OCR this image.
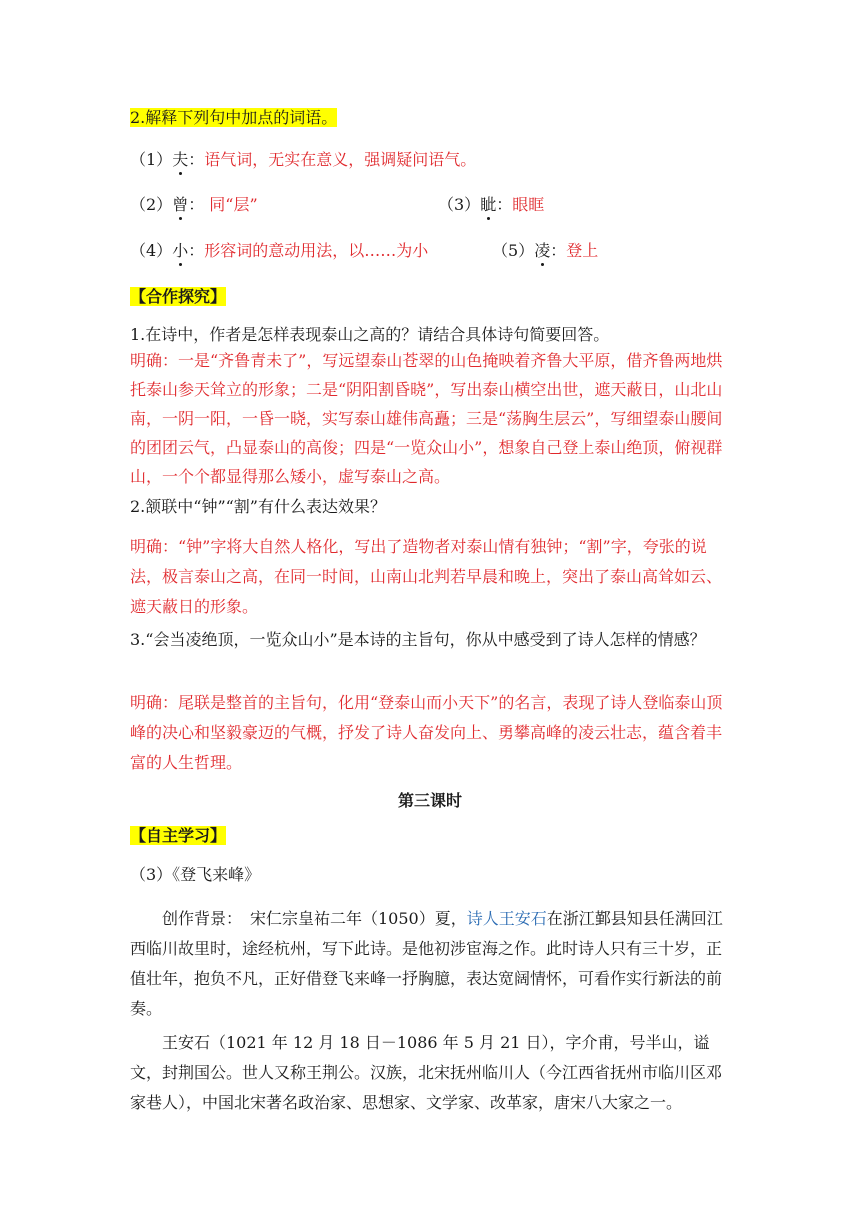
2.解释下列句中加点的词语。
（1）夫：语气词，无实在意义，强调疑问语气。
（2）曾： 同“层”	（3）眦：眼眶
（4）小：形容词的意动用法，以……为小	（5）凌：登上
【合作探究】
1.在诗中，作者是怎样表现泰山之高的？请结合具体诗句简要回答。
明确：一是“齐鲁青未了”，写远望泰山苍翠的山色掩映着齐鲁大平原，借齐鲁两地烘托泰山参天耸立的形象；二是“阴阳割昏晓”，写出泰山横空出世，遮天蔽日，山北山南，一阴一阳，一昏一晓，实写泰山雄伟高矗；三是“荡胸生层云”，写细望泰山腰间的团团云气，凸显泰山的高俊；四是“一览众山小”，想象自己登上泰山绝顶，俯视群山，一个个都显得那么矮小，虚写泰山之高。
2.颔联中“钟”“割”有什么表达效果？
明确：“钟”字将大自然人格化，写出了造物者对泰山情有独钟；“割”字，夸张的说法，极言泰山之高，在同一时间，山南山北判若早晨和晚上，突出了泰山高耸如云、遮天蔽日的形象。
3.“会当凌绝顶，一览众山小”是本诗的主旨句，你从中感受到了诗人怎样的情感？
明确：尾联是整首的主旨句，化用“登泰山而小天下”的名言，表现了诗人登临泰山顶峰的决心和坚毅豪迈的气概，抒发了诗人奋发向上、勇攀高峰的凌云壮志，蕴含着丰富的人生哲理。
第三课时
【自主学习】
（3）《登飞来峰》
创作背景：　宋仁宗皇祐二年（1050）夏，诗人王安石在浙江鄞县知县任满回江西临川故里时，途经杭州，写下此诗。是他初涉宦海之作。此时诗人只有三十岁，正值壮年，抱负不凡，正好借登飞来峰一抒胸臆，表达宽阔情怀，可看作实行新法的前奏。
王安石（1021 年 12 月 18 日－1086 年 5 月 21 日），字介甫，号半山，谥文，封荆国公。世人又称王荆公。汉族，北宋抚州临川人（今江西省抚州市临川区邓家巷人），中国北宋著名政治家、思想家、文学家、改革家，唐宋八大家之一。
